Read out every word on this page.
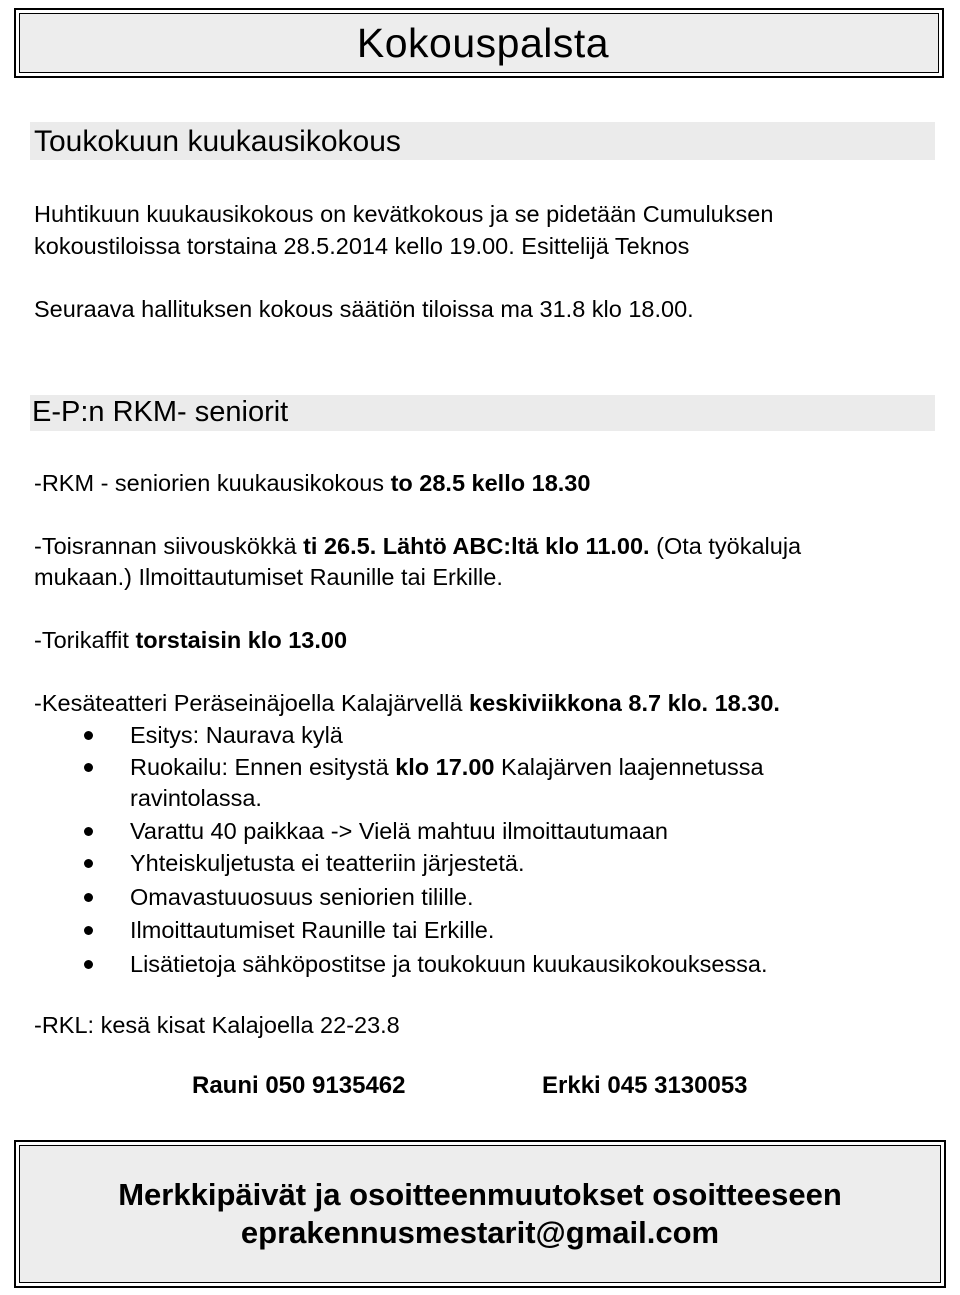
Kokouspalsta
Toukokuun kuukausikokous
Huhtikuun kuukausikokous on kevätkokous ja se pidetään Cumuluksen
kokoustiloissa torstaina 28.5.2014 kello 19.00. Esittelijä Teknos
Seuraava hallituksen kokous säätiön tiloissa ma 31.8 klo 18.00.
E-P:n RKM- seniorit
-RKM - seniorien kuukausikokous to 28.5 kello 18.30
-Toisrannan siivouskökkä ti 26.5. Lähtö ABC:ltä klo 11.00. (Ota työkaluja
mukaan.) Ilmoittautumiset Raunille tai Erkille.
-Torikaffit torstaisin klo 13.00
-Kesäteatteri Peräseinäjoella Kalajärvellä keskiviikkona 8.7 klo. 18.30.
Esitys: Naurava kylä
Ruokailu: Ennen esitystä klo 17.00 Kalajärven laajennetussa
ravintolassa.
Varattu 40 paikkaa -> Vielä mahtuu ilmoittautumaan
Yhteiskuljetusta ei teatteriin järjestetä.
Omavastuuosuus seniorien tilille.
Ilmoittautumiset Raunille tai Erkille.
Lisätietoja sähköpostitse ja toukokuun kuukausikokouksessa.
-RKL: kesä kisat Kalajoella 22-23.8
Rauni 050 9135462	Erkki 045 3130053
Merkkipäivät ja osoitteenmuutokset osoitteeseen
eprakennusmestarit@gmail.com
